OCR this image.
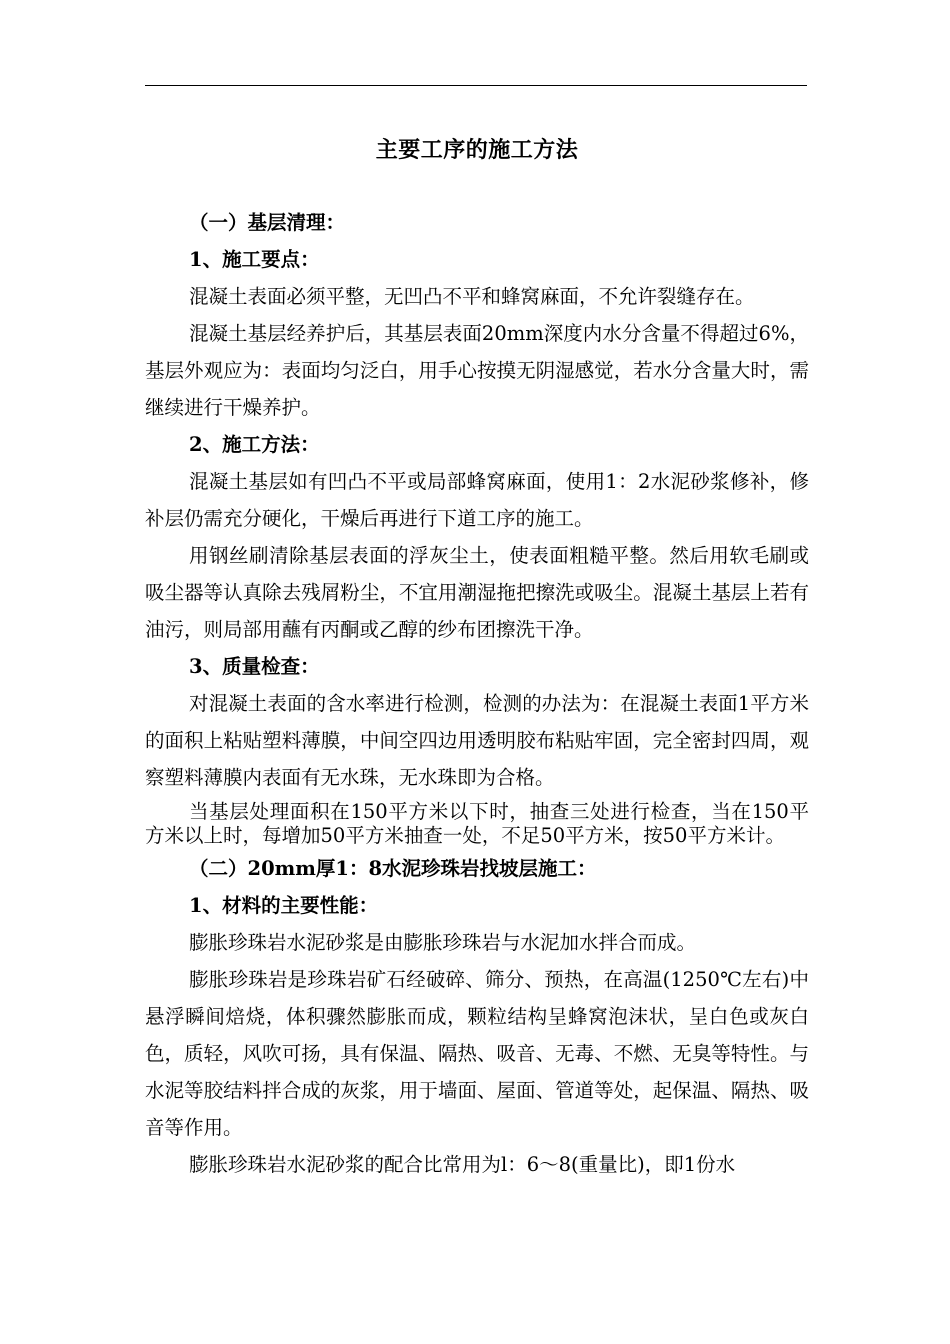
主要工序的施工方法

（一）基层清理：

1、施工要点：

混凝土表面必须平整，无凹凸不平和蜂窝麻面，不允许裂缝存在。

混凝土基层经养护后，其基层表面20mm深度内水分含量不得超过6%，基层外观应为：表面均匀泛白，用手心按摸无阴湿感觉，若水分含量大时，需继续进行干燥养护。

2、施工方法：

混凝土基层如有凹凸不平或局部蜂窝麻面，使用1：2水泥砂浆修补，修补层仍需充分硬化，干燥后再进行下道工序的施工。

用钢丝刷清除基层表面的浮灰尘土，使表面粗糙平整。然后用软毛刷或吸尘器等认真除去残屑粉尘，不宜用潮湿拖把擦洗或吸尘。混凝土基层上若有油污，则局部用蘸有丙酮或乙醇的纱布团擦洗干净。

3、质量检查：

对混凝土表面的含水率进行检测，检测的办法为：在混凝土表面1平方米的面积上粘贴塑料薄膜，中间空四边用透明胶布粘贴牢固，完全密封四周，观察塑料薄膜内表面有无水珠，无水珠即为合格。

当基层处理面积在150平方米以下时，抽查三处进行检查，当在150平方米以上时，每增加50平方米抽查一处，不足50平方米，按50平方米计。

（二）20mm厚1：8水泥珍珠岩找坡层施工：

1、材料的主要性能：

膨胀珍珠岩水泥砂浆是由膨胀珍珠岩与水泥加水拌合而成。

膨胀珍珠岩是珍珠岩矿石经破碎、筛分、预热，在高温(1250℃左右)中悬浮瞬间焙烧，体积骤然膨胀而成，颗粒结构呈蜂窝泡沫状，呈白色或灰白色，质轻，风吹可扬，具有保温、隔热、吸音、无毒、不燃、无臭等特性。与水泥等胶结料拌合成的灰浆，用于墙面、屋面、管道等处，起保温、隔热、吸音等作用。

膨胀珍珠岩水泥砂浆的配合比常用为l：6～8(重量比)，即1份水
